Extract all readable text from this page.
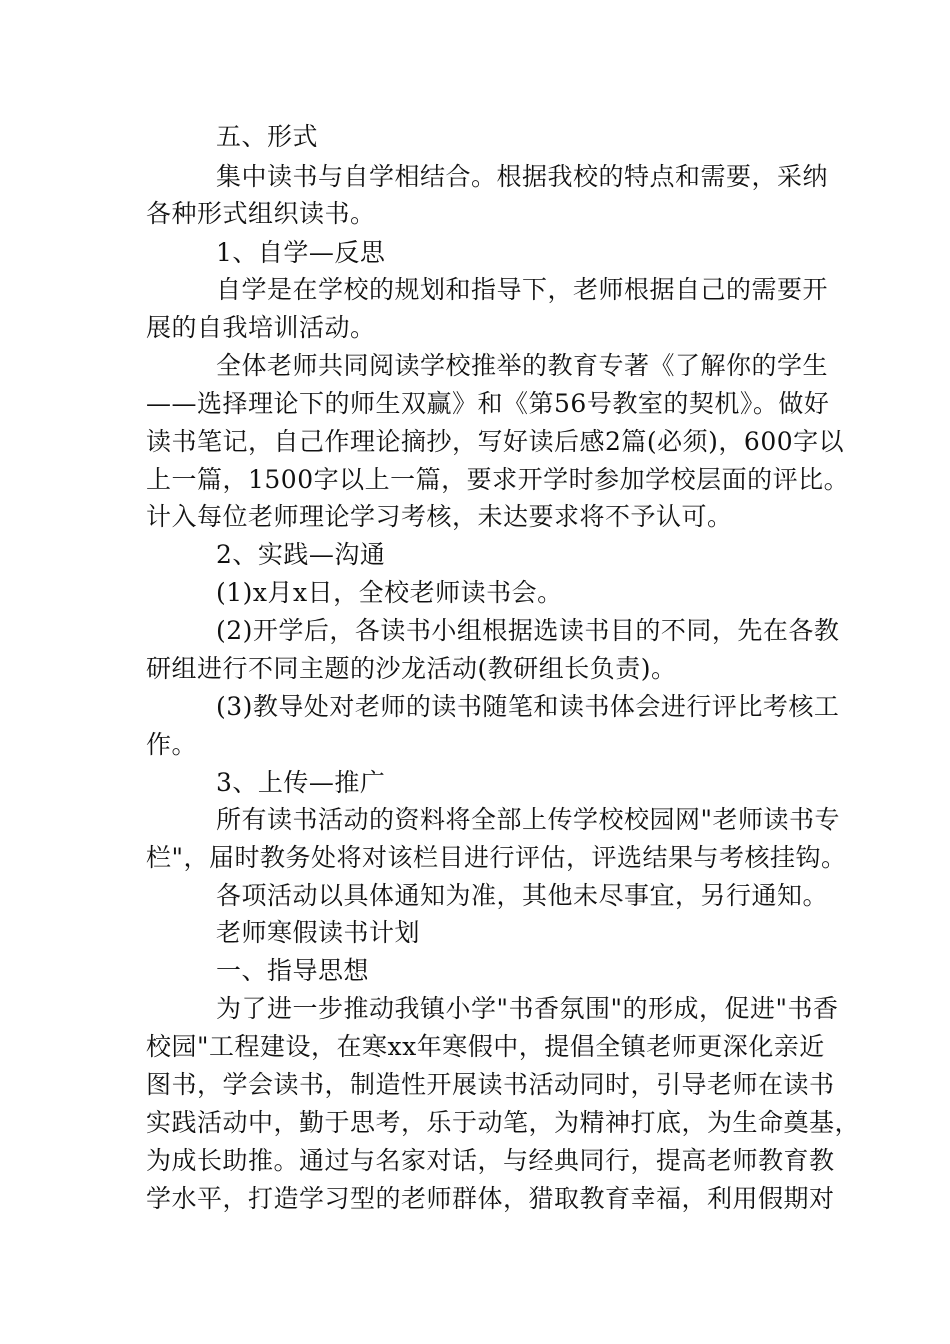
五、形式
集中读书与自学相结合。根据我校的特点和需要，采纳
各种形式组织读书。
1、自学—反思
自学是在学校的规划和指导下，老师根据自己的需要开
展的自我培训活动。
全体老师共同阅读学校推举的教育专著《了解你的学生
——选择理论下的师生双赢》和《第56号教室的契机》。做好
读书笔记，自己作理论摘抄，写好读后感2篇(必须)，600字以
上一篇，1500字以上一篇，要求开学时参加学校层面的评比。
计入每位老师理论学习考核，未达要求将不予认可。
2、实践—沟通
(1)x月x日，全校老师读书会。
(2)开学后，各读书小组根据选读书目的不同，先在各教
研组进行不同主题的沙龙活动(教研组长负责)。
(3)教导处对老师的读书随笔和读书体会进行评比考核工
作。
3、上传—推广
所有读书活动的资料将全部上传学校校园网"老师读书专
栏"，届时教务处将对该栏目进行评估，评选结果与考核挂钩。
各项活动以具体通知为准，其他未尽事宜，另行通知。
老师寒假读书计划
一、指导思想
为了进一步推动我镇小学"书香氛围"的形成，促进"书香
校园"工程建设，在寒xx年寒假中，提倡全镇老师更深化亲近
图书，学会读书，制造性开展读书活动同时，引导老师在读书
实践活动中，勤于思考，乐于动笔，为精神打底，为生命奠基，
为成长助推。通过与名家对话，与经典同行，提高老师教育教
学水平，打造学习型的老师群体，猎取教育幸福，利用假期对
